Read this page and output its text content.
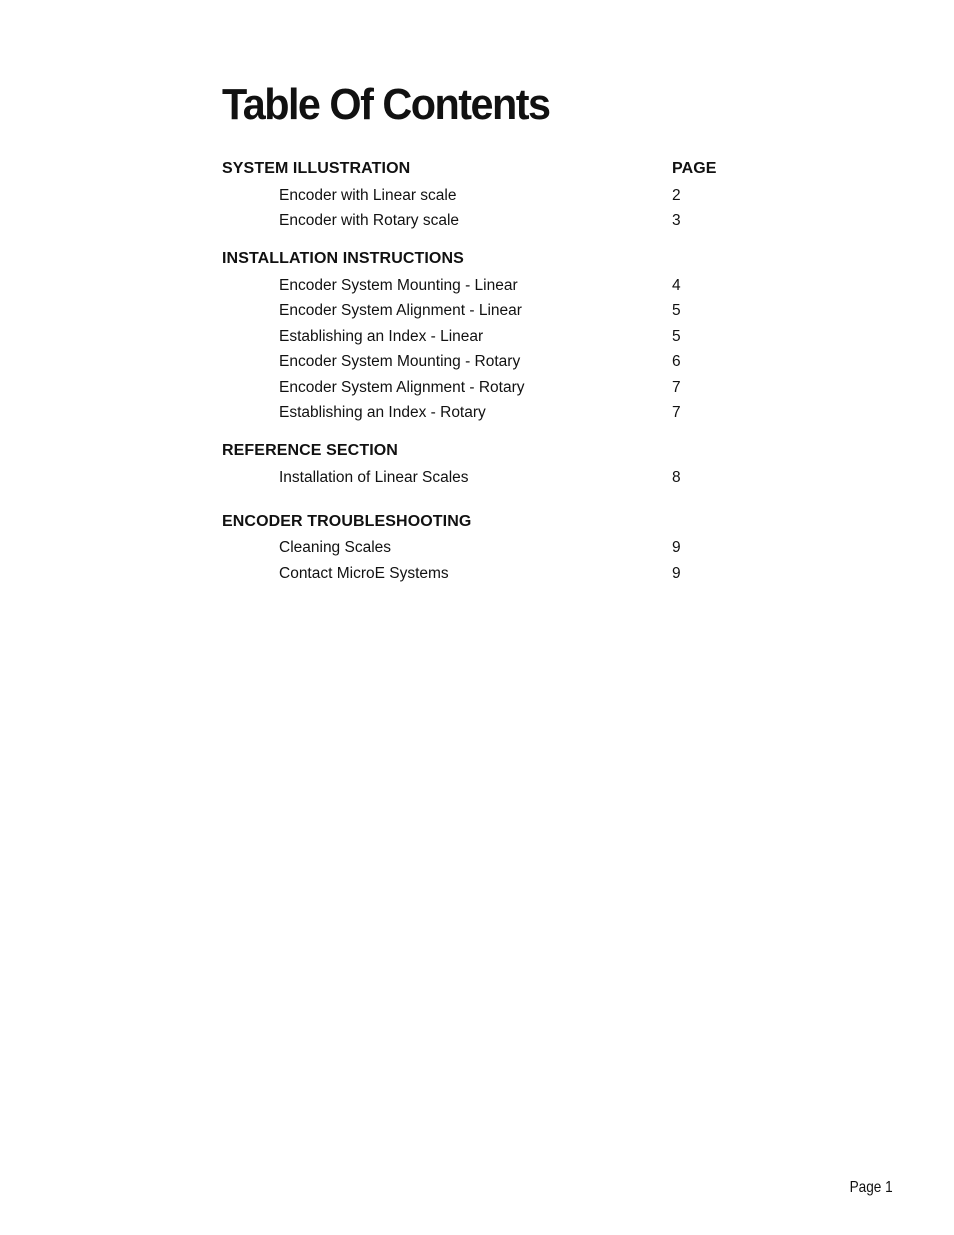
Table Of Contents
SYSTEM ILLUSTRATION	PAGE
Encoder with Linear scale	2
Encoder with Rotary scale	3
INSTALLATION INSTRUCTIONS
Encoder System Mounting - Linear	4
Encoder System Alignment - Linear	5
Establishing an Index - Linear	5
Encoder System Mounting - Rotary	6
Encoder System Alignment - Rotary	7
Establishing an Index - Rotary	7
REFERENCE SECTION
Installation of Linear Scales	8
ENCODER TROUBLESHOOTING
Cleaning Scales	9
Contact MicroE Systems	9
Page 1
